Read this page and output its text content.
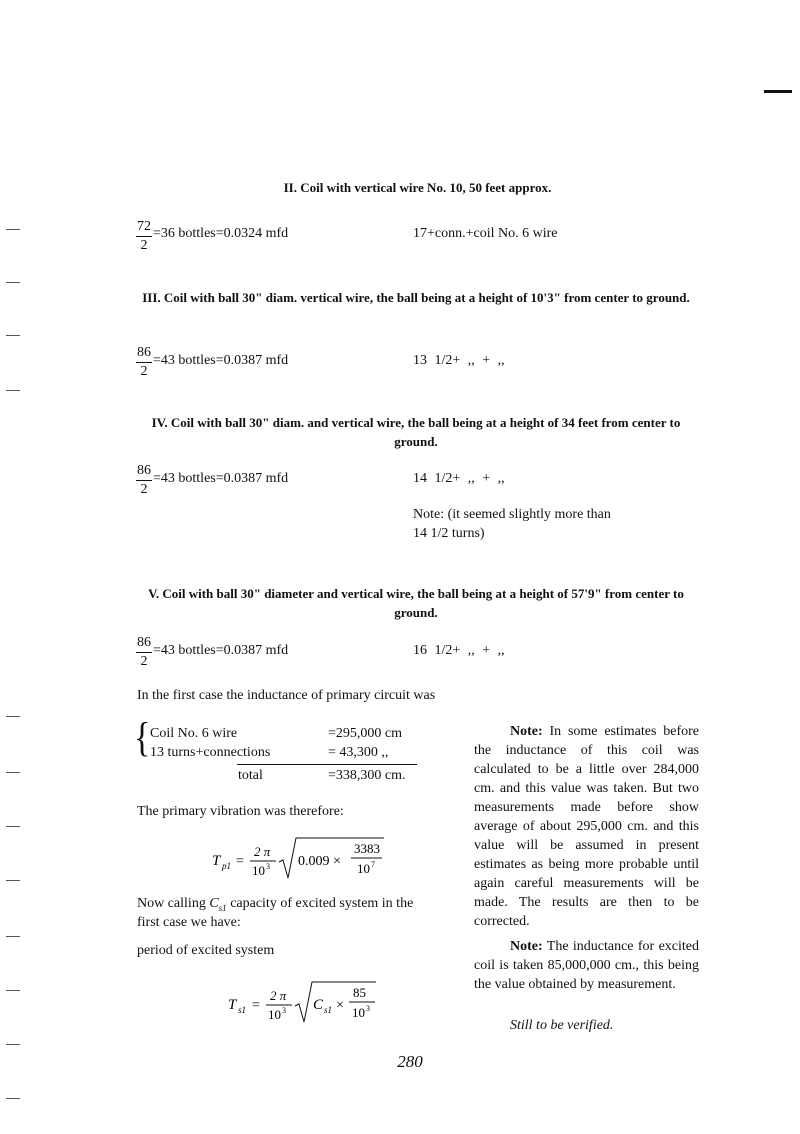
II. Coil with vertical wire No. 10, 50 feet approx.
72
2
=36 bottles=0.0324 mfd	17+conn.+coil No. 6 wire
III. Coil with ball 30" diam. vertical wire, the ball being at a height of 10'3" from center to ground.
86
2
=43 bottles=0.0387 mfd	13 1/2+ ,, + ,,
IV. Coil with ball 30" diam. and vertical wire, the ball being at a height of 34 feet from center to ground.
86
2
=43 bottles=0.0387 mfd	14 1/2+ ,, + ,,
Note: (it seemed slightly more than
14 1/2 turns)
V. Coil with ball 30" diameter and vertical wire, the ball being at a height of 57'9" from center to ground.
86
2
=43 bottles=0.0387 mfd	16 1/2+ ,, + ,,
In the first case the inductance of primary circuit was
{ Coil No. 6 wire	=295,000 cm
13 turns+connections	= 43,300 ,,
total	=338,300 cm.
The primary vibration was therefore:
T p1 =
2 π
10 3 0.009 ×
3383
10 7
Now calling $C_{s1}$ capacity of excited system in the
first case we have:
period of excited system
T s1 =
2 π
10 3 C s1 ×
85
10 3
Note: In some estimates before the inductance of this coil was calculated to be a little over 284,000 cm. and this value was taken. But two measurements made before show average of about 295,000 cm. and this value will be assumed in present estimates as being more probable until again careful measurements will be made. The results are then to be corrected.
Note: The inductance for excited coil is taken 85,000,000 cm., this being the value obtained by measurement.
Still to be verified.
280
